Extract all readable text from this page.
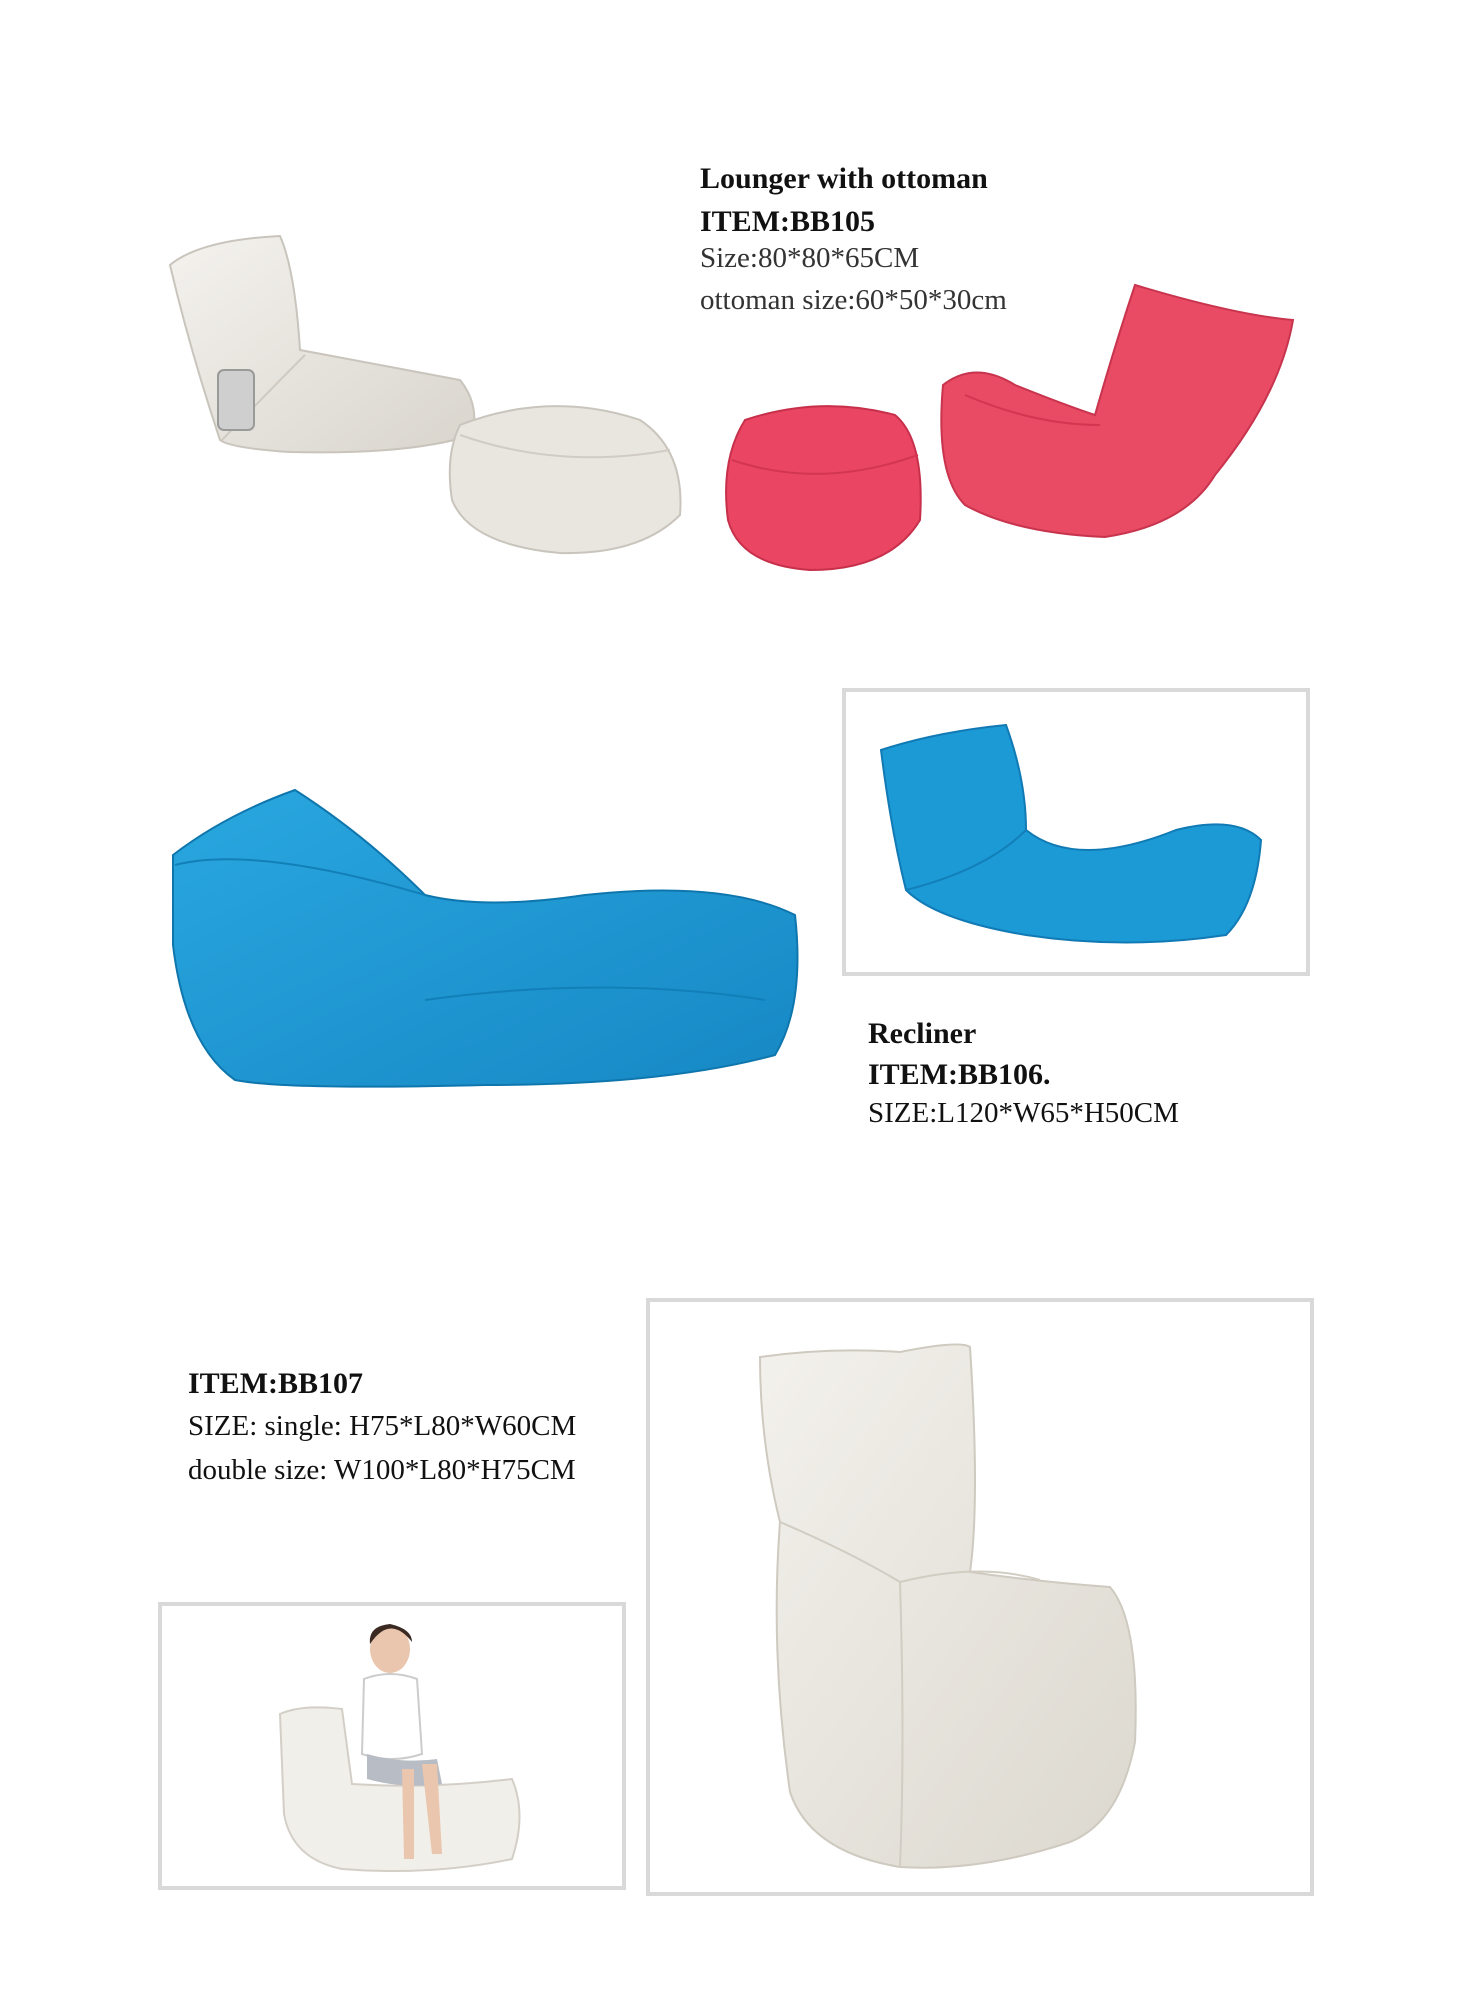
Lounger with ottoman
ITEM:BB105
Size:80*80*65CM
ottoman size:60*50*30cm
Recliner
ITEM:BB106.
SIZE:L120*W65*H50CM
ITEM:BB107
SIZE: single: H75*L80*W60CM
double size: W100*L80*H75CM
